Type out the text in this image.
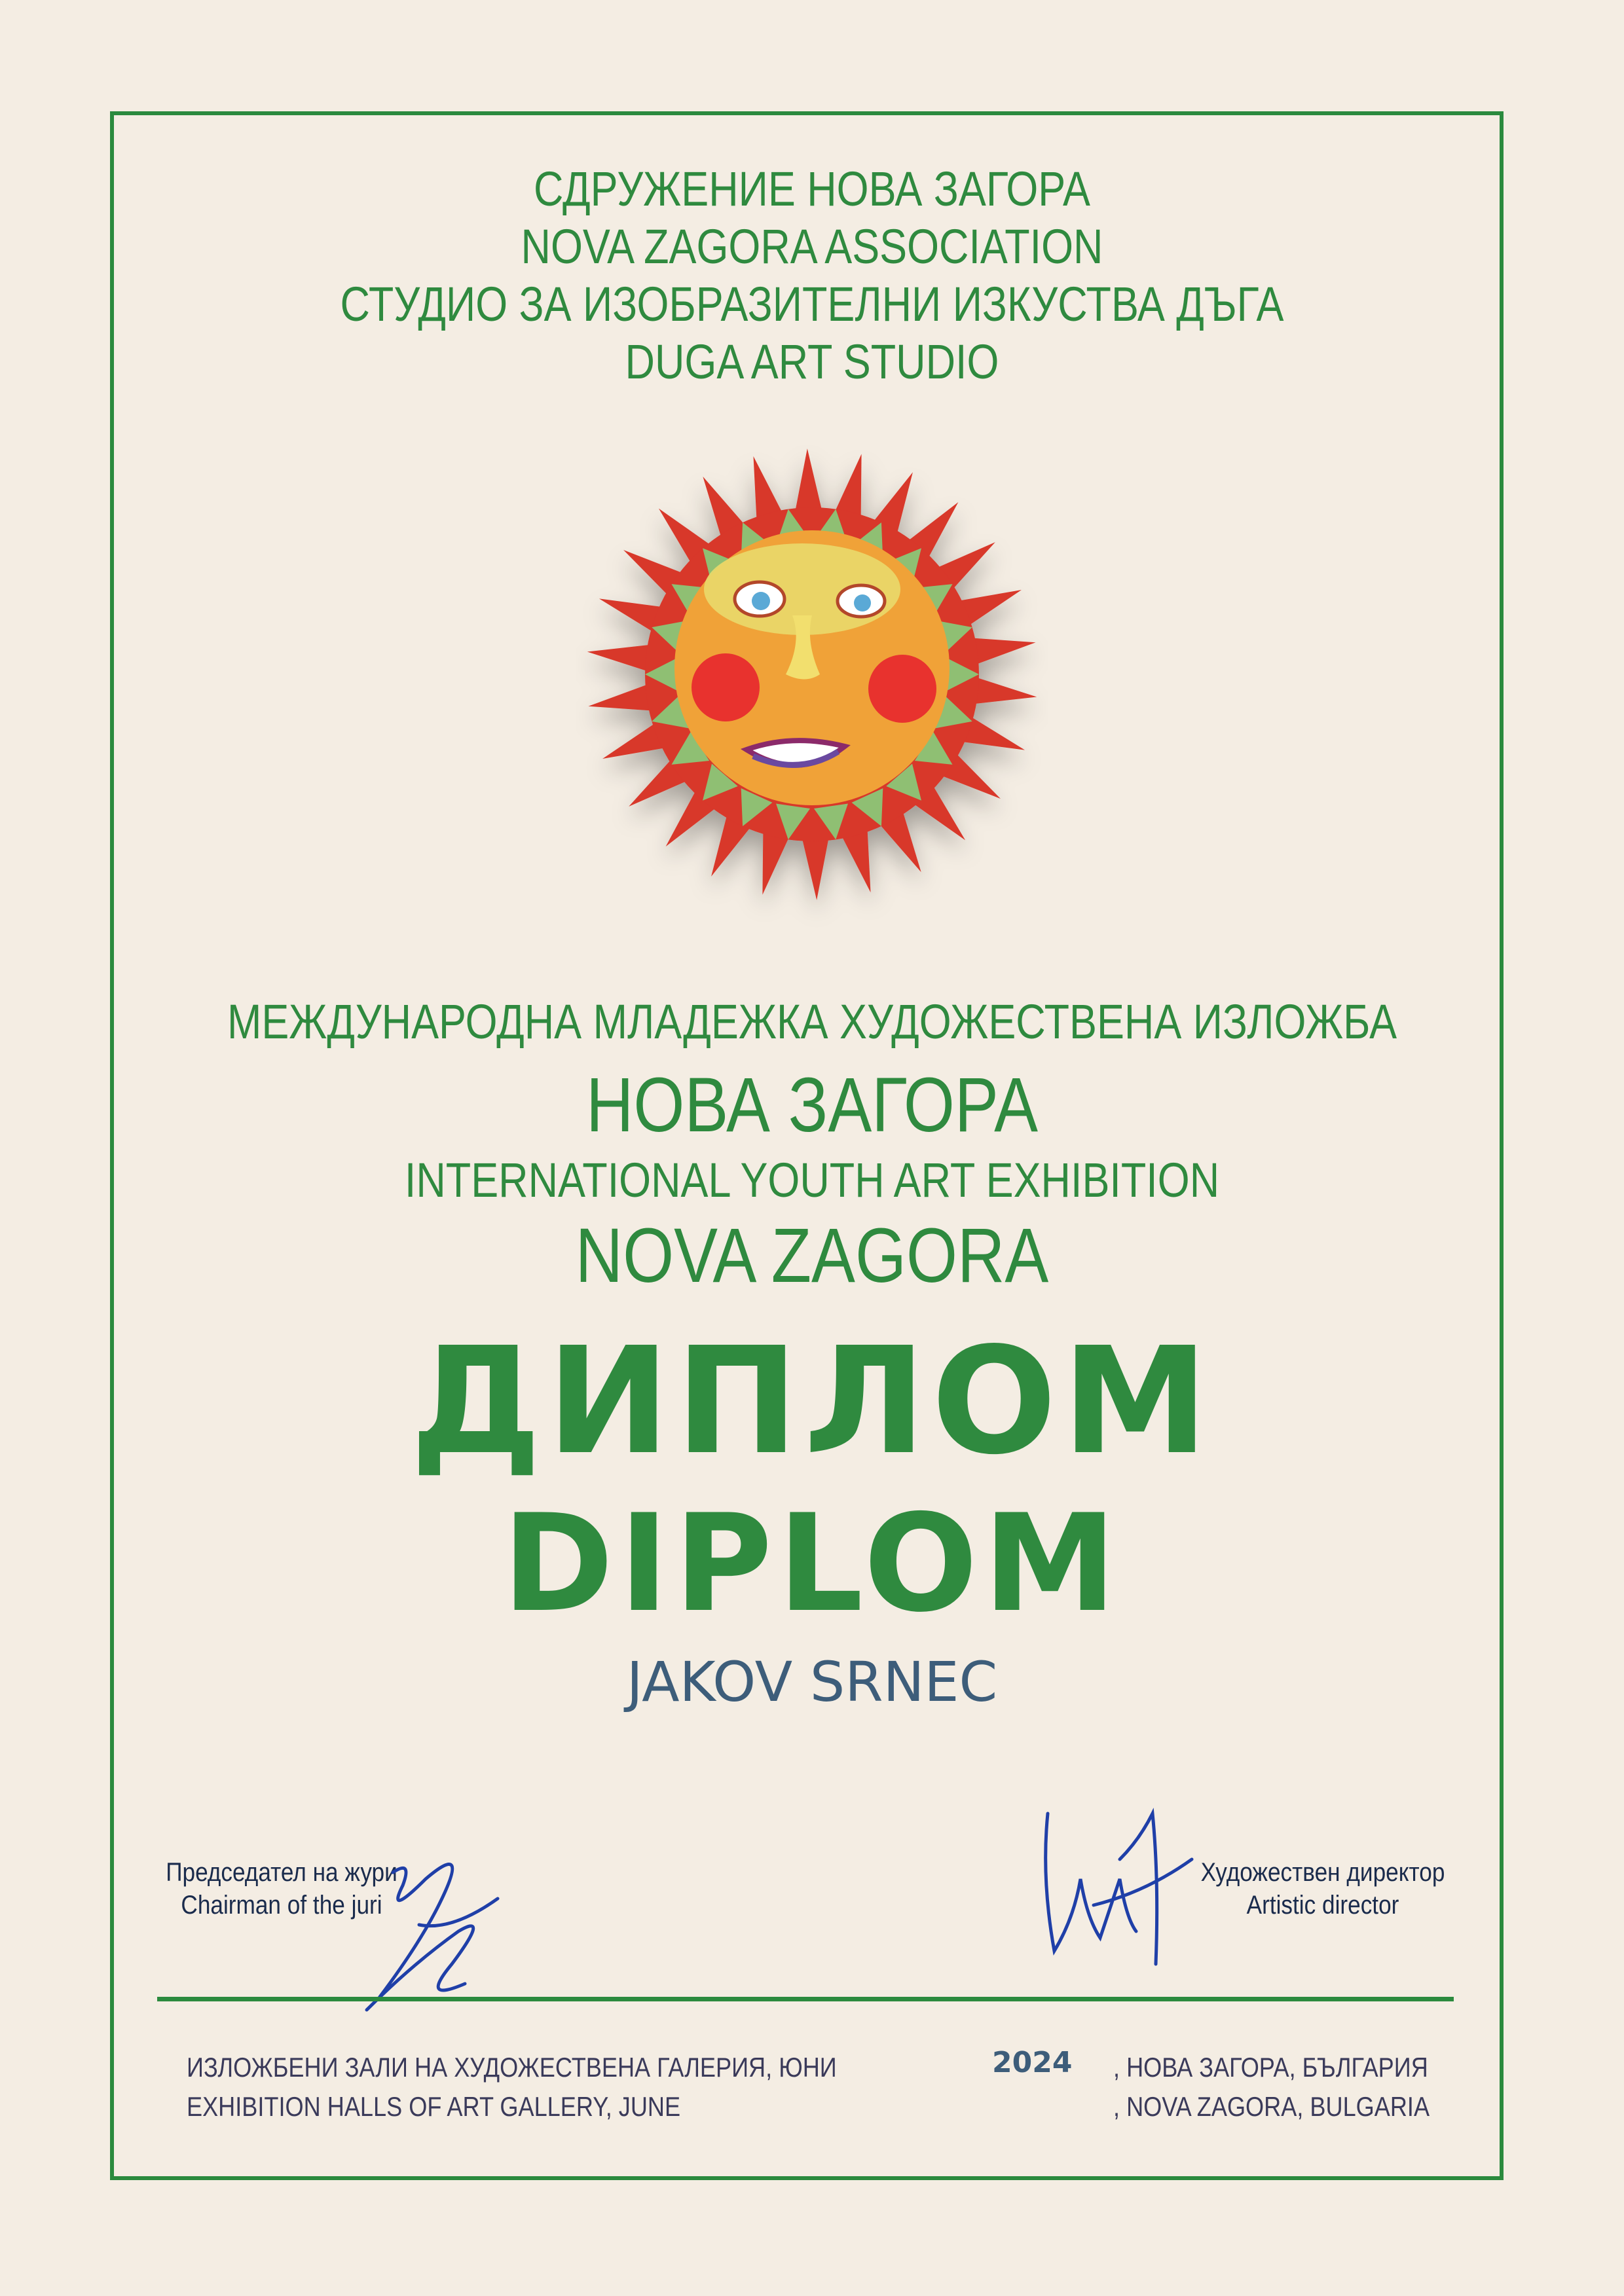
СДРУЖЕНИЕ НОВА ЗАГОРА
NOVA ZAGORA ASSOCIATION
СТУДИО ЗА ИЗОБРАЗИТЕЛНИ ИЗКУСТВА ДЪГА
DUGA ART STUDIO
МЕЖДУНАРОДНА МЛАДЕЖКА ХУДОЖЕСТВЕНА ИЗЛОЖБА
НОВА ЗАГОРА
INTERNATIONAL YOUTH ART EXHIBITION
NOVA ZAGORA
ДИПЛОМ
DIPLOM
JAKOV SRNEC
Председател на жури
Chairman of the juri
Художествен директор
Artistic director
ИЗЛОЖБЕНИ ЗАЛИ НА ХУДОЖЕСТВЕНА ГАЛЕРИЯ, ЮНИ
EXHIBITION HALLS OF ART GALLERY, JUNE
2024 , НОВА ЗАГОРА, БЪЛГАРИЯ
, NOVA ZAGORA, BULGARIA
